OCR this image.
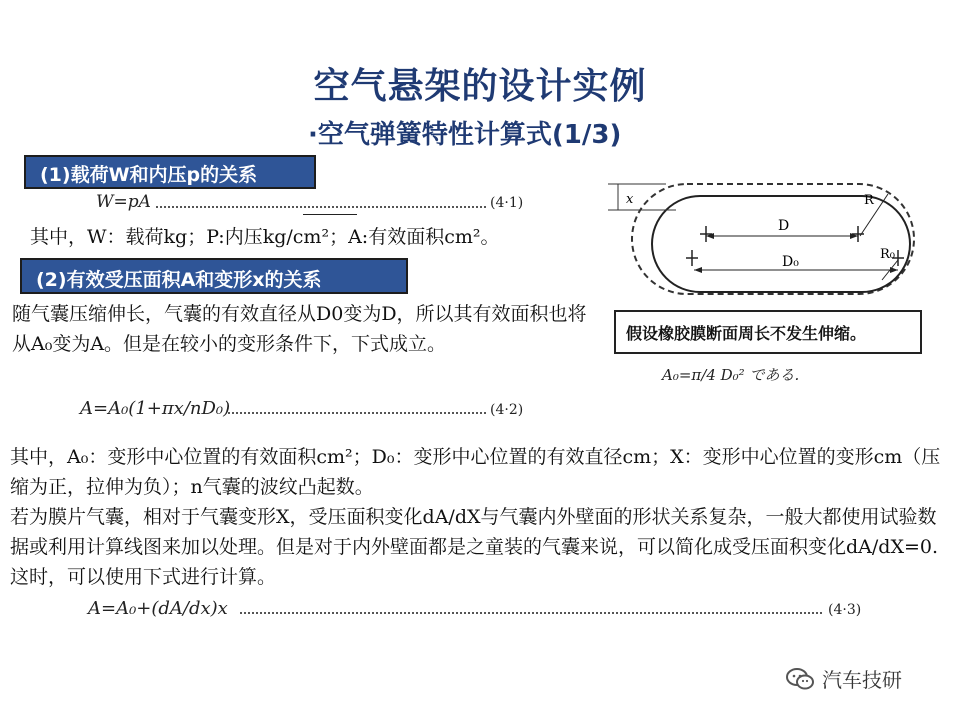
空气悬架的设计实例
·空气弹簧特性计算式(1/3)
(1)载荷W和内压p的关系
W=pA	(4·1)
其中，W：载荷kg；P:内压kg/cm²；A:有效面积cm²。
(2)有效受压面积A和变形x的关系
随气囊压缩伸长，气囊的有效直径从D0变为D，所以其有效面积也将从A₀变为A。但是在较小的变形条件下，下式成立。
A=A₀(1+πx/nD₀)	(4·2)
其中，A₀：变形中心位置的有效面积cm²；D₀：变形中心位置的有效直径cm；X：变形中心位置的变形cm（压缩为正，拉伸为负）；n气囊的波纹凸起数。
若为膜片气囊，相对于气囊变形X，受压面积变化dA/dX与气囊内外壁面的形状关系复杂，一般大都使用试验数据或利用计算线图来加以处理。但是对于内外壁面都是之童装的气囊来说，可以简化成受压面积变化dA/dX=0.这时，可以使用下式进行计算。
A=A₀+(dA/dx)x	(4·3)
x
D
D₀
R
R₀
假设橡胶膜断面周长不发生伸缩。
A₀=π/4 D₀² である.
汽车技研
